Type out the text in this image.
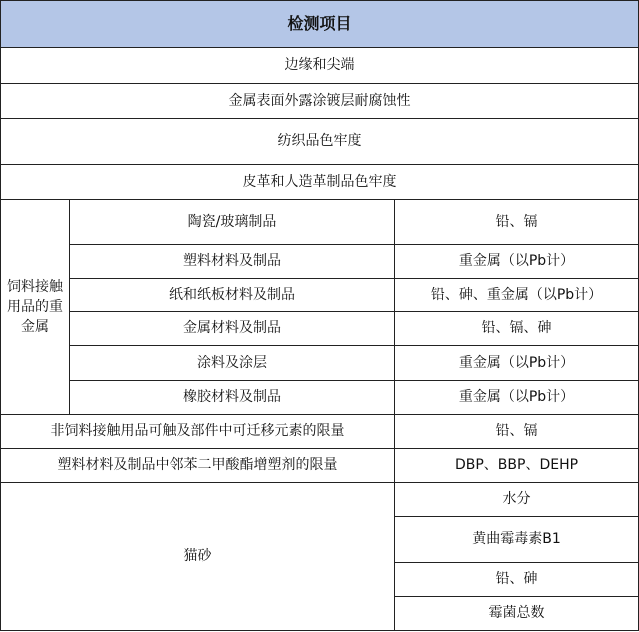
检测项目		
边缘和尖端		
金属表面外露涂镀层耐腐蚀性		
纺织品色牢度		
皮革和人造革制品色牢度		
饲料接触用品的重金属	陶瓷/玻璃制品	铅、镉
	塑料材料及制品	重金属（以Pb计）
	纸和纸板材料及制品	铅、砷、重金属（以Pb计）
	金属材料及制品	铅、镉、砷
	涂料及涂层	重金属（以Pb计）
	橡胶材料及制品	重金属（以Pb计）
非饲料接触用品可触及部件中可迁移元素的限量		铅、镉
塑料材料及制品中邻苯二甲酸酯增塑剂的限量		DBP、BBP、DEHP
猫砂		水分
		黄曲霉毒素B1
		铅、砷
		霉菌总数
